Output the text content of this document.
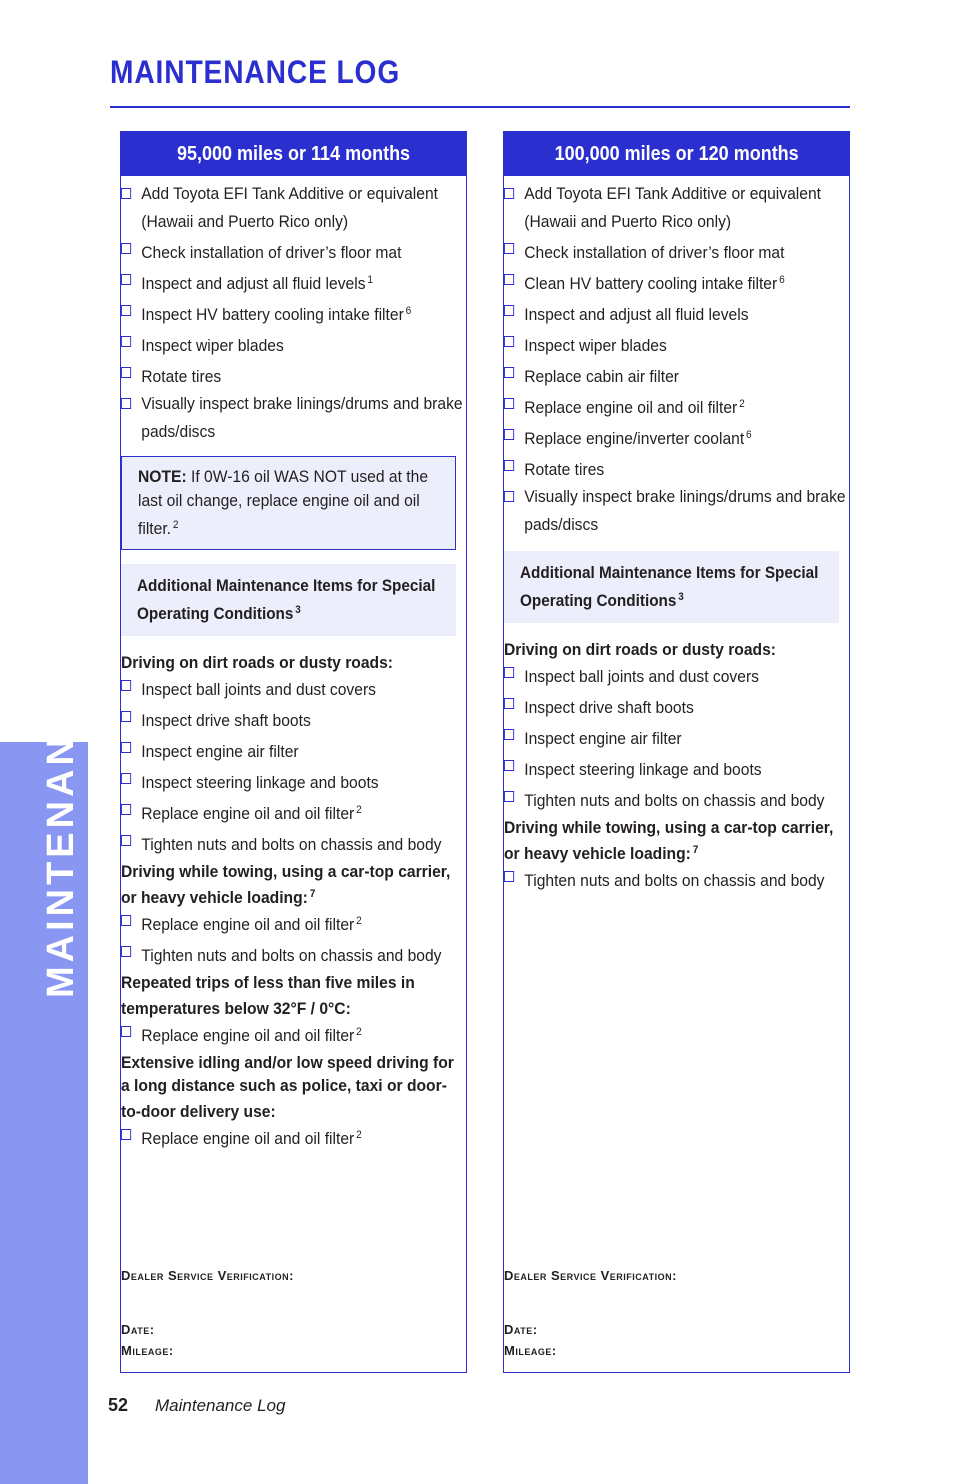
MAINTENANCE
MAINTENANCE LOG
95,000 miles or 114 months
Add Toyota EFI Tank Additive or equivalent (Hawaii and Puerto Rico only)
Check installation of driver’s floor mat
Inspect and adjust all fluid levels $^1$
Inspect HV battery cooling intake filter $^6$
Inspect wiper blades
Rotate tires
Visually inspect brake linings/drums and brake pads/discs
NOTE: If 0W-16 oil WAS NOT used at the last oil change, replace engine oil and oil filter. $^2$
Additional Maintenance Items for Special Operating Conditions $^3$
Driving on dirt roads or dusty roads:
Inspect ball joints and dust covers
Inspect drive shaft boots
Inspect engine air filter
Inspect steering linkage and boots
Replace engine oil and oil filter $^2$
Tighten nuts and bolts on chassis and body
Driving while towing, using a car-top carrier, or heavy vehicle loading: $^7$
Replace engine oil and oil filter $^2$
Tighten nuts and bolts on chassis and body
Repeated trips of less than five miles in temperatures below 32°F / 0°C:
Replace engine oil and oil filter $^2$
Extensive idling and/or low speed driving for a long distance such as police, taxi or door-to-door delivery use:
Replace engine oil and oil filter $^2$
Dealer Service Verification:
Date:
Mileage:
100,000 miles or 120 months
Add Toyota EFI Tank Additive or equivalent (Hawaii and Puerto Rico only)
Check installation of driver’s floor mat
Clean HV battery cooling intake filter $^6$
Inspect and adjust all fluid levels
Inspect wiper blades
Replace cabin air filter
Replace engine oil and oil filter $^2$
Replace engine/inverter coolant $^6$
Rotate tires
Visually inspect brake linings/drums and brake pads/discs
Additional Maintenance Items for Special Operating Conditions $^3$
Driving on dirt roads or dusty roads:
Inspect ball joints and dust covers
Inspect drive shaft boots
Inspect engine air filter
Inspect steering linkage and boots
Tighten nuts and bolts on chassis and body
Driving while towing, using a car-top carrier, or heavy vehicle loading: $^7$
Tighten nuts and bolts on chassis and body
Dealer Service Verification:
Date:
Mileage:
52 Maintenance Log
